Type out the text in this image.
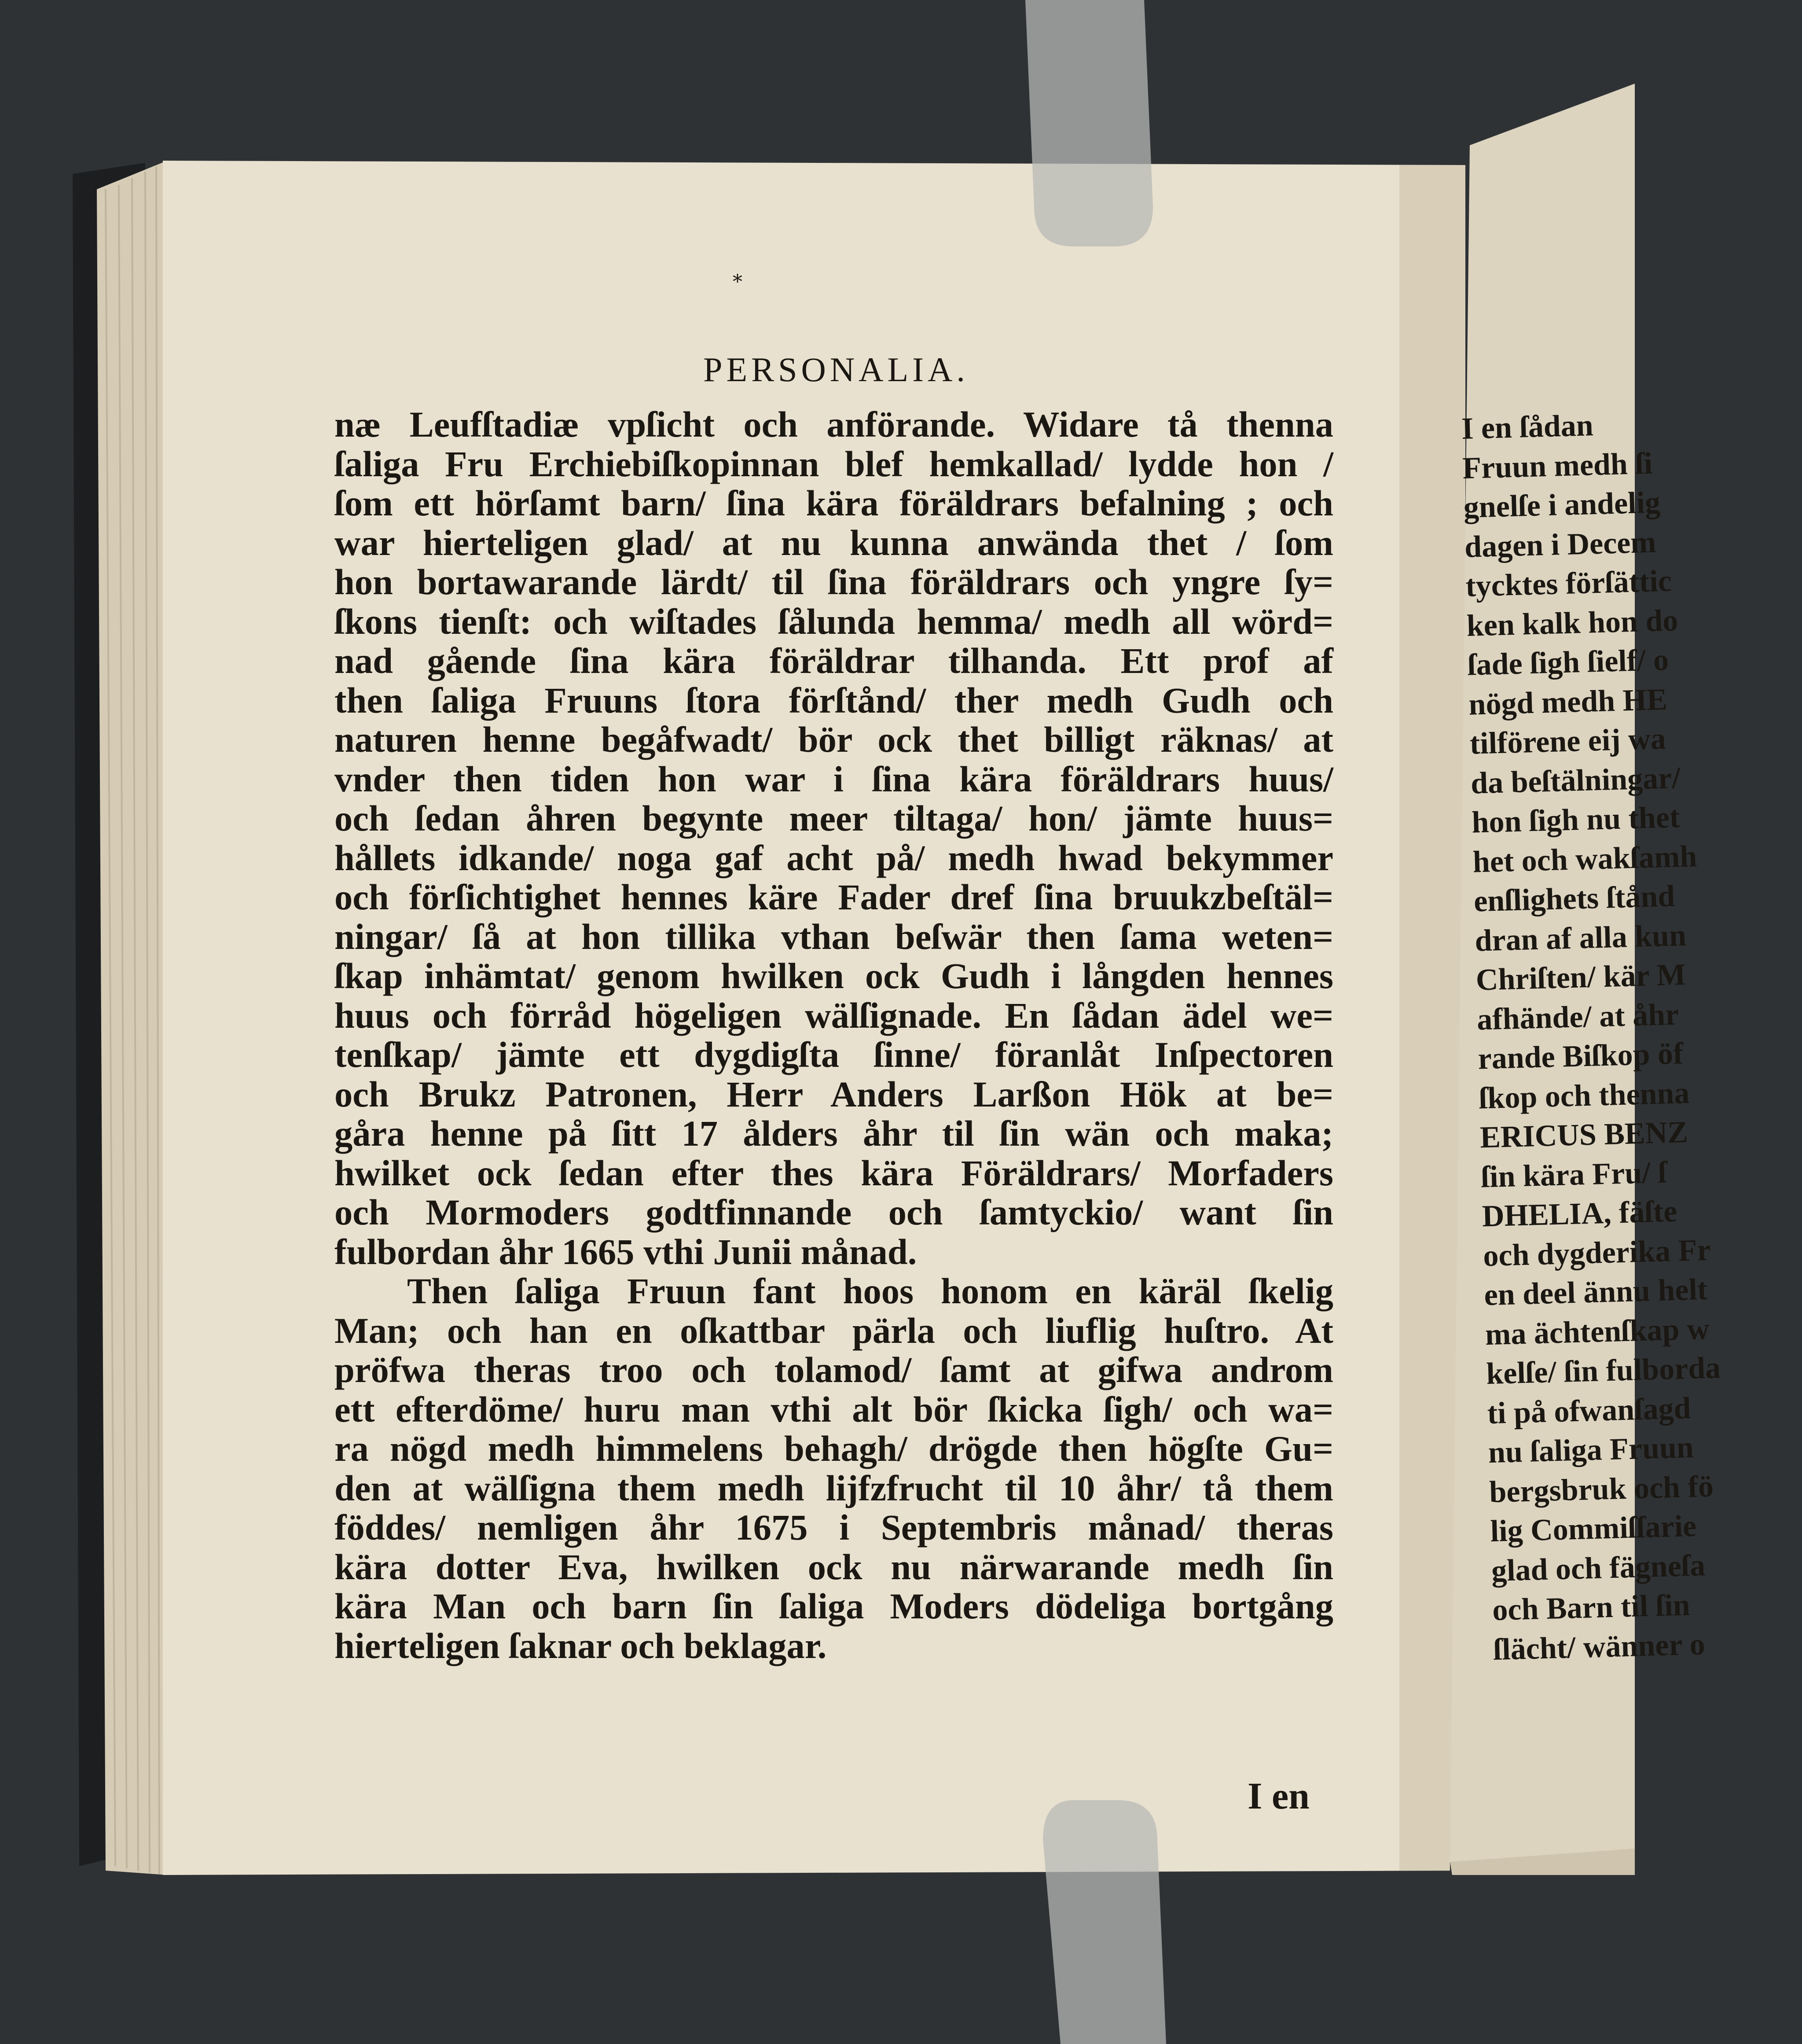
*
PERSONALIA.
næ Leufſtadiæ vpſicht och anförande. Widare tå thenna
ſaliga Fru Erchiebiſkopinnan blef hemkallad/ lydde hon /
ſom ett hörſamt barn/ ſina kära föräldrars befalning ; och
war hierteligen glad/ at nu kunna anwända thet / ſom
hon bortawarande lärdt/ til ſina föräldrars och yngre ſy=
ſkons tienſt: och wiſtades ſålunda hemma/ medh all wörd=
nad gående ſina kära föräldrar tilhanda. Ett prof af
then ſaliga Fruuns ſtora förſtånd/ ther medh Gudh och
naturen henne begåfwadt/ bör ock thet billigt räknas/ at
vnder then tiden hon war i ſina kära föräldrars huus/
och ſedan åhren begynte meer tiltaga/ hon/ jämte huus=
hållets idkande/ noga gaf acht på/ medh hwad bekymmer
och förſichtighet hennes käre Fader dref ſina bruukzbeſtäl=
ningar/ ſå at hon tillika vthan beſwär then ſama weten=
ſkap inhämtat/ genom hwilken ock Gudh i långden hennes
huus och förråd högeligen wälſignade. En ſådan ädel we=
tenſkap/ jämte ett dygdigſta ſinne/ föranlåt Inſpectoren
och Brukz Patronen, Herr Anders Larßon Hök at be=
gåra henne på ſitt 17 ålders åhr til ſin wän och maka;
hwilket ock ſedan efter thes kära Föräldrars/ Morfaders
och Mormoders godtfinnande och ſamtyckio/ want ſin
fulbordan åhr 1665 vthi Junii månad.
Then ſaliga Fruun fant hoos honom en käräl ſkelig
Man; och han en oſkattbar pärla och liuflig huſtro. At
pröfwa theras troo och tolamod/ ſamt at gifwa androm
ett efterdöme/ huru man vthi alt bör ſkicka ſigh/ och wa=
ra nögd medh himmelens behagh/ drögde then högſte Gu=
den at wälſigna them medh lijfzfrucht til 10 åhr/ tå them
föddes/ nemligen åhr 1675 i Septembris månad/ theras
kära dotter Eva, hwilken ock nu närwarande medh ſin
kära Man och barn ſin ſaliga Moders dödeliga bortgång
hierteligen ſaknar och beklagar.
I en
I en ſådan
Fruun medh ſi
gnelſe i andelig
dagen i Decem
tycktes förſättic
ken kalk hon do
ſade ſigh ſielf/ o
nögd medh HE
tilförene eij wa
da beſtälningar/
hon ſigh nu thet
het och wakſamh
enſlighets ſtånd
dran af alla kun
Chriſten/ kär M
afhände/ at åhr
rande Biſkop öf
ſkop och thenna
ERICUS BENZ
ſin kära Fru/ ſ
DHELIA, fäſte
och dygderika Fr
en deel ännu helt
ma ächtenſkap w
kelſe/ ſin fulborda
ti på ofwanſagd
nu ſaliga Fruun
bergsbruk och fö
lig Commiſſarie
glad och fägneſa
och Barn til ſin
ſlächt/ wänner o
